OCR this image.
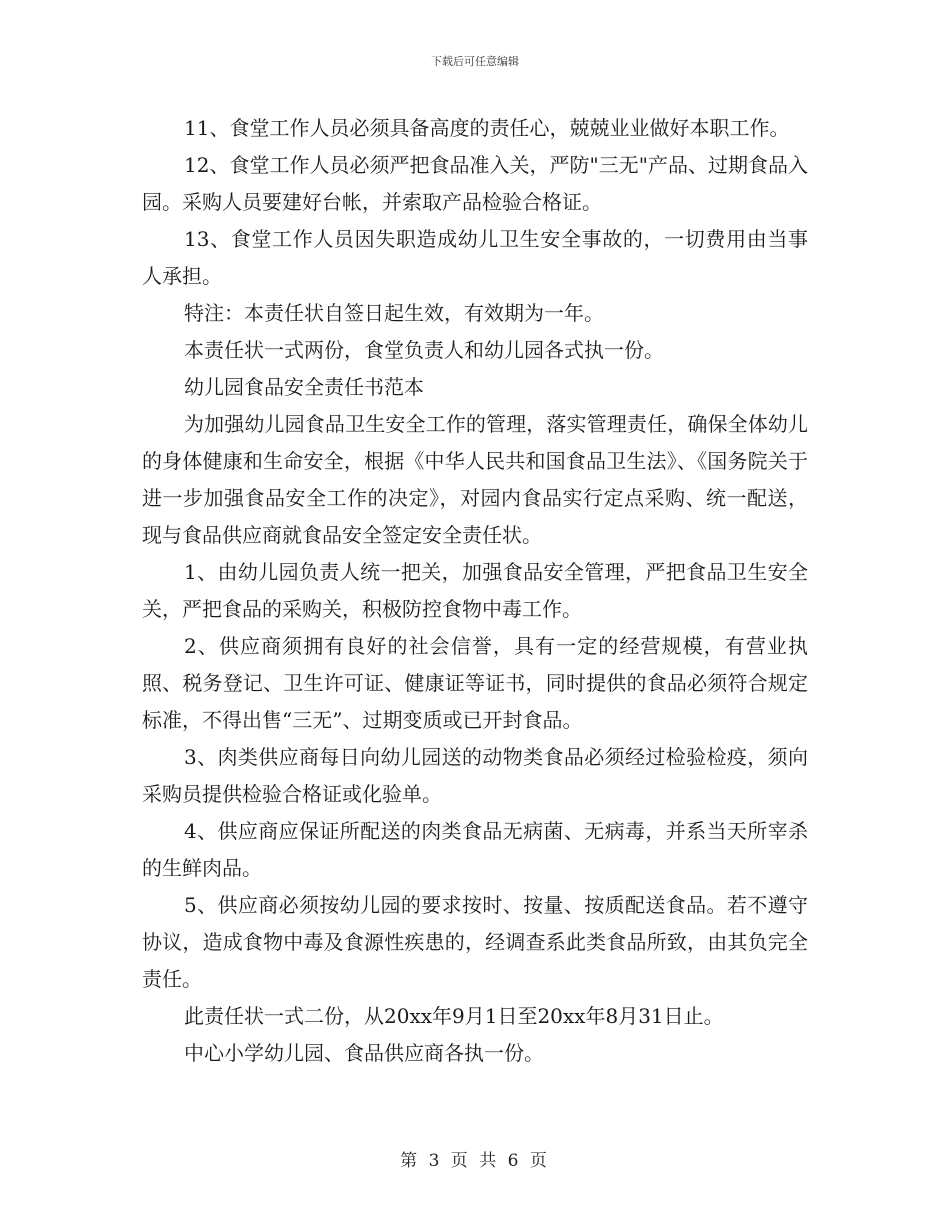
下载后可任意编辑

11、食堂工作人员必须具备高度的责任心，兢兢业业做好本职工作。

12、食堂工作人员必须严把食品准入关，严防"三无"产品、过期食品入园。采购人员要建好台帐，并索取产品检验合格证。

13、食堂工作人员因失职造成幼儿卫生安全事故的，一切费用由当事人承担。

特注：本责任状自签日起生效，有效期为一年。

本责任状一式两份，食堂负责人和幼儿园各式执一份。

幼儿园食品安全责任书范本

为加强幼儿园食品卫生安全工作的管理，落实管理责任，确保全体幼儿的身体健康和生命安全，根据《中华人民共和国食品卫生法》、《国务院关于进一步加强食品安全工作的决定》，对园内食品实行定点采购、统一配送，现与食品供应商就食品安全签定安全责任状。

1、由幼儿园负责人统一把关，加强食品安全管理，严把食品卫生安全关，严把食品的采购关，积极防控食物中毒工作。

2、供应商须拥有良好的社会信誉，具有一定的经营规模，有营业执照、税务登记、卫生许可证、健康证等证书，同时提供的食品必须符合规定标准，不得出售“三无”、过期变质或已开封食品。

3、肉类供应商每日向幼儿园送的动物类食品必须经过检验检疫，须向采购员提供检验合格证或化验单。

4、供应商应保证所配送的肉类食品无病菌、无病毒，并系当天所宰杀的生鲜肉品。

5、供应商必须按幼儿园的要求按时、按量、按质配送食品。若不遵守协议，造成食物中毒及食源性疾患的，经调查系此类食品所致，由其负完全责任。

此责任状一式二份，从20xx年9月1日至20xx年8月31日止。

中心小学幼儿园、食品供应商各执一份。

第 3 页 共 6 页
